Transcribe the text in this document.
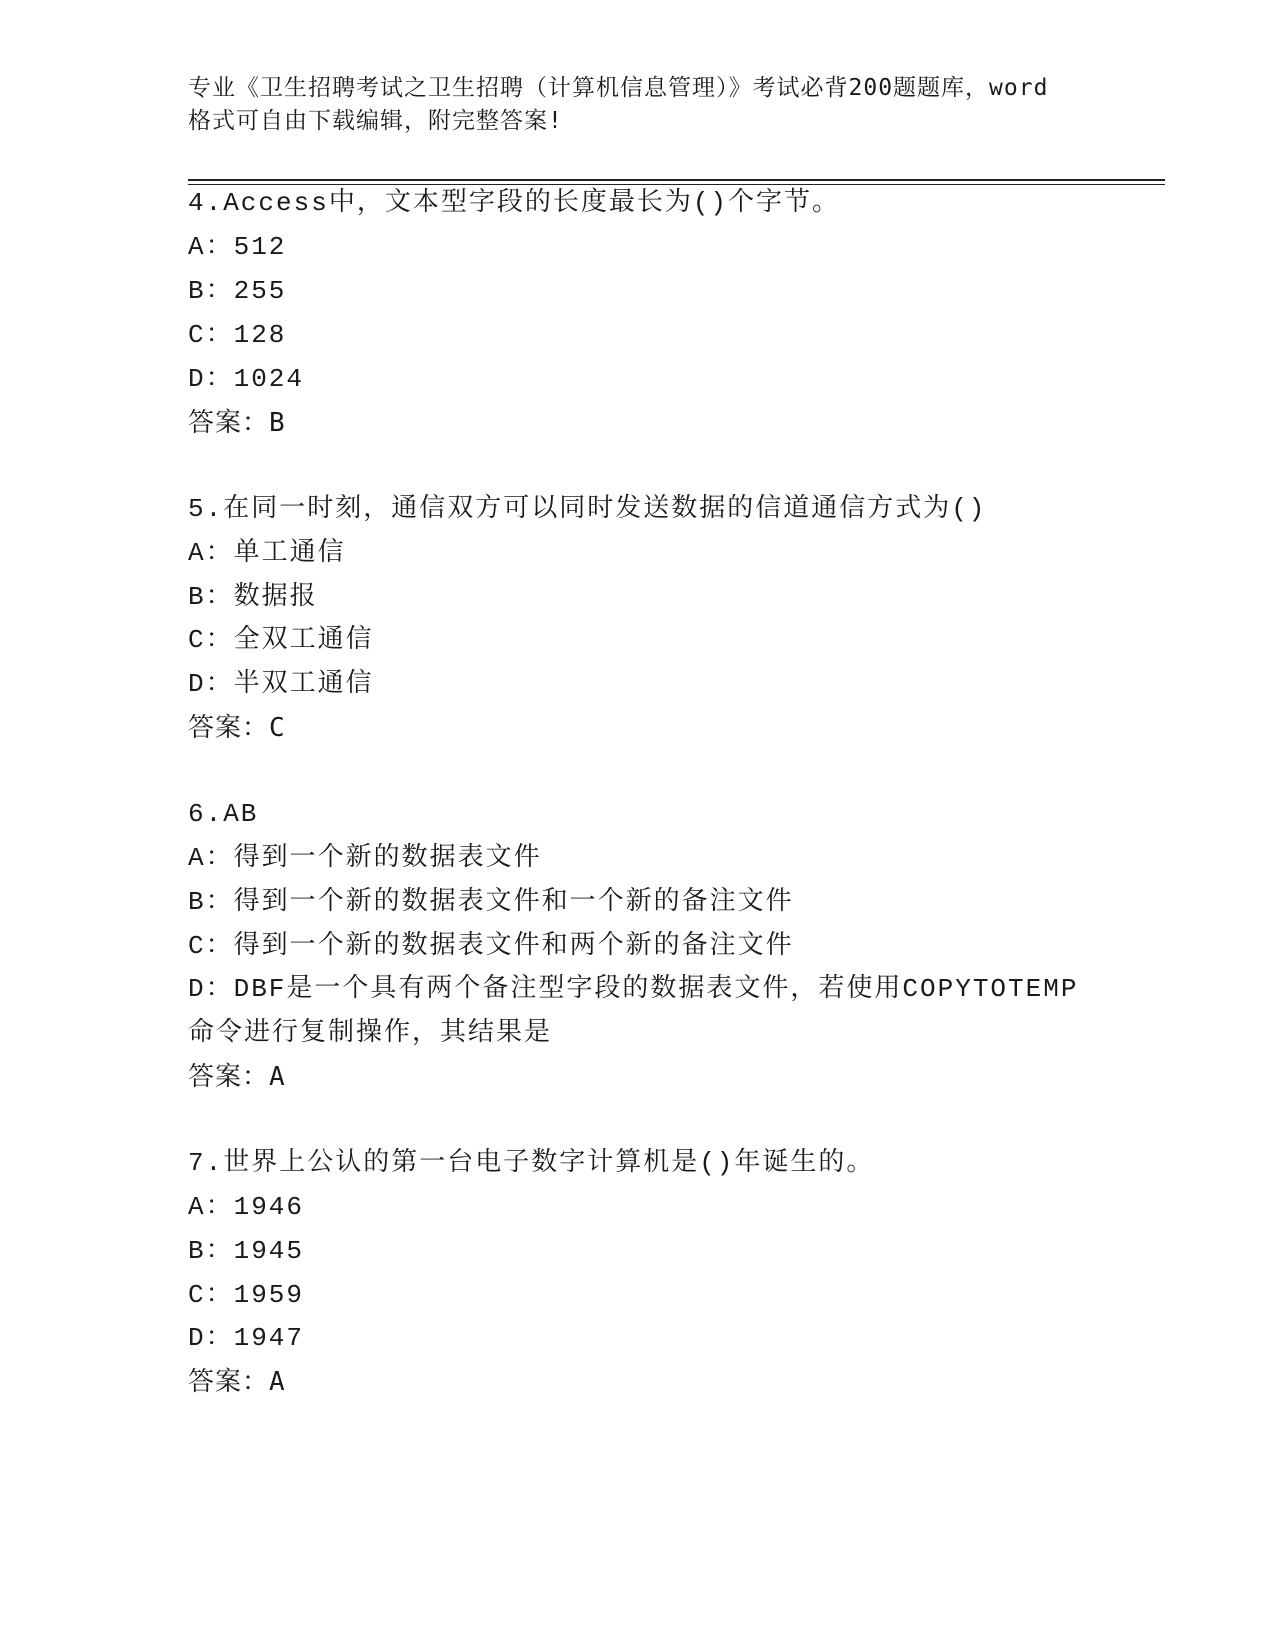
专业《卫生招聘考试之卫生招聘（计算机信息管理）》考试必背200题题库，word
格式可自由下载编辑，附完整答案!
4.Access中，文本型字段的长度最长为()个字节。
A：512
B：255
C：128
D：1024
答案：B
5.在同一时刻，通信双方可以同时发送数据的信道通信方式为()
A：单工通信
B：数据报
C：全双工通信
D：半双工通信
答案：C
6.AB
A：得到一个新的数据表文件
B：得到一个新的数据表文件和一个新的备注文件
C：得到一个新的数据表文件和两个新的备注文件
D：DBF是一个具有两个备注型字段的数据表文件，若使用COPYTOTEMP
命令进行复制操作，其结果是
答案：A
7.世界上公认的第一台电子数字计算机是()年诞生的。
A：1946
B：1945
C：1959
D：1947
答案：A
